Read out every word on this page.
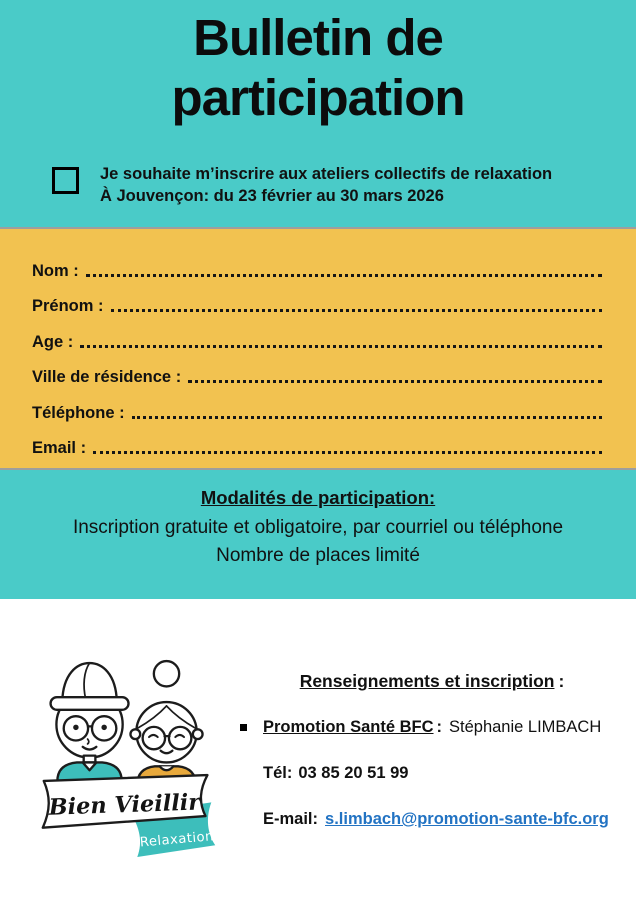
Bulletin de participation
Je souhaite m’inscrire aux ateliers collectifs de relaxation
À Jouvençon: du 23 février au 30 mars 2026
Nom :
Prénom :
Age :
Ville de résidence :
Téléphone :
Email :
Modalités de participation:
Inscription gratuite et obligatoire, par courriel ou téléphone
Nombre de places limité
Bien Vieillir
Relaxation
Renseignements et inscription :
Promotion Santé BFC : Stéphanie LIMBACH
Tél: 03 85 20 51 99
E-mail: s.limbach@promotion-sante-bfc.org
